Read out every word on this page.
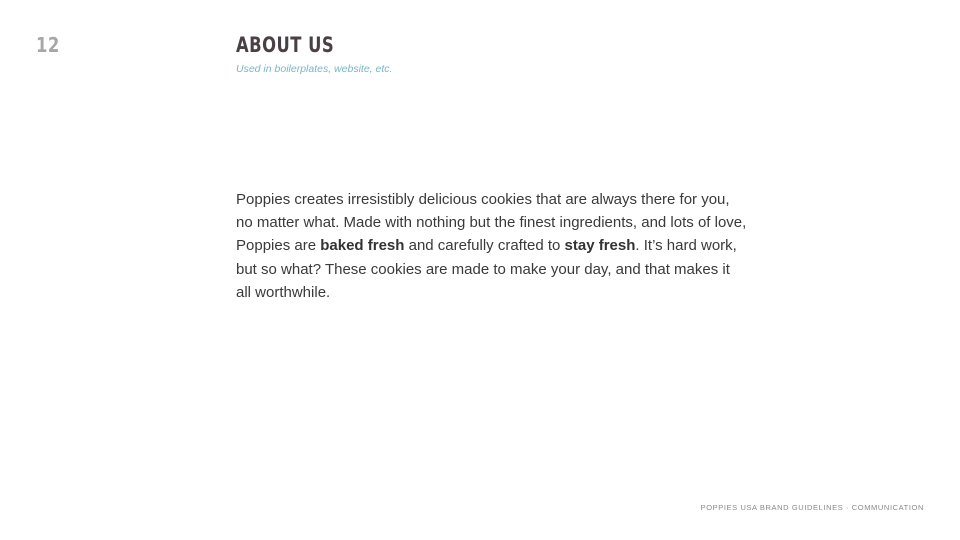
12	ABOUT US
Used in boilerplates, website, etc.
Poppies creates irresistibly delicious cookies that are always there for you,
no matter what. Made with nothing but the finest ingredients, and lots of love,
Poppies are baked fresh and carefully crafted to stay fresh. It’s hard work,
but so what? These cookies are made to make your day, and that makes it
all worthwhile.
POPPIES USA BRAND GUIDELINES · COMMUNICATION
